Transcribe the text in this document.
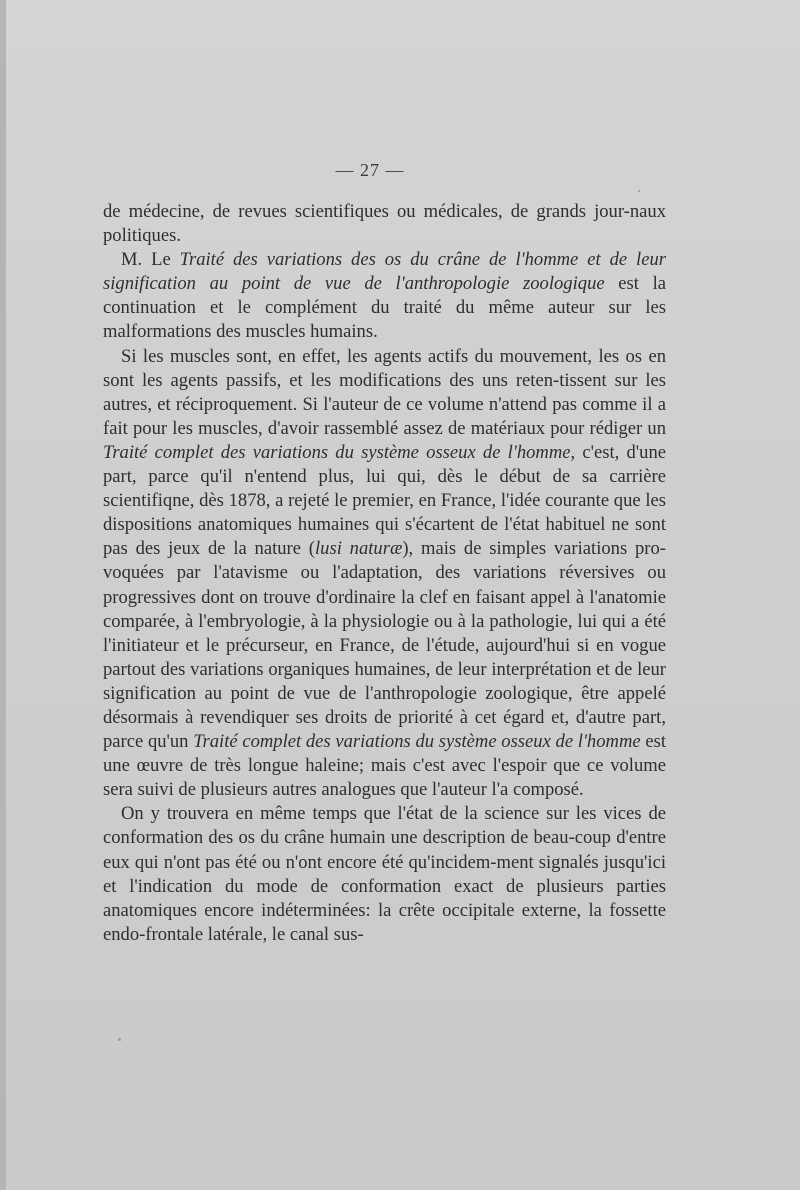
— 27 —

de médecine, de revues scientifiques ou médicales, de grands jour-naux politiques.

M. Le Traité des variations des os du crâne de l'homme et de leur signification au point de vue de l'anthropologie zoologique est la continuation et le complément du traité du même auteur sur les malformations des muscles humains.

Si les muscles sont, en effet, les agents actifs du mouvement, les os en sont les agents passifs, et les modifications des uns reten-tissent sur les autres, et réciproquement. Si l'auteur de ce volume n'attend pas comme il a fait pour les muscles, d'avoir rassemblé assez de matériaux pour rédiger un Traité complet des variations du système osseux de l'homme, c'est, d'une part, parce qu'il n'entend plus, lui qui, dès le début de sa carrière scientifiqne, dès 1878, a rejeté le premier, en France, l'idée courante que les dispositions anatomiques humaines qui s'écartent de l'état habituel ne sont pas des jeux de la nature (lusi naturæ), mais de simples variations pro-voquées par l'atavisme ou l'adaptation, des variations réversives ou progressives dont on trouve d'ordinaire la clef en faisant appel à l'anatomie comparée, à l'embryologie, à la physiologie ou à la pathologie, lui qui a été l'initiateur et le précurseur, en France, de l'étude, aujourd'hui si en vogue partout des variations organiques humaines, de leur interprétation et de leur signification au point de vue de l'anthropologie zoologique, être appelé désormais à revendiquer ses droits de priorité à cet égard et, d'autre part, parce qu'un Traité complet des variations du système osseux de l'homme est une œuvre de très longue haleine; mais c'est avec l'espoir que ce volume sera suivi de plusieurs autres analogues que l'auteur l'a composé.

On y trouvera en même temps que l'état de la science sur les vices de conformation des os du crâne humain une description de beau-coup d'entre eux qui n'ont pas été ou n'ont encore été qu'incidem-ment signalés jusqu'ici et l'indication du mode de conformation exact de plusieurs parties anatomiques encore indéterminées: la crête occipitale externe, la fossette endo-frontale latérale, le canal sus-
